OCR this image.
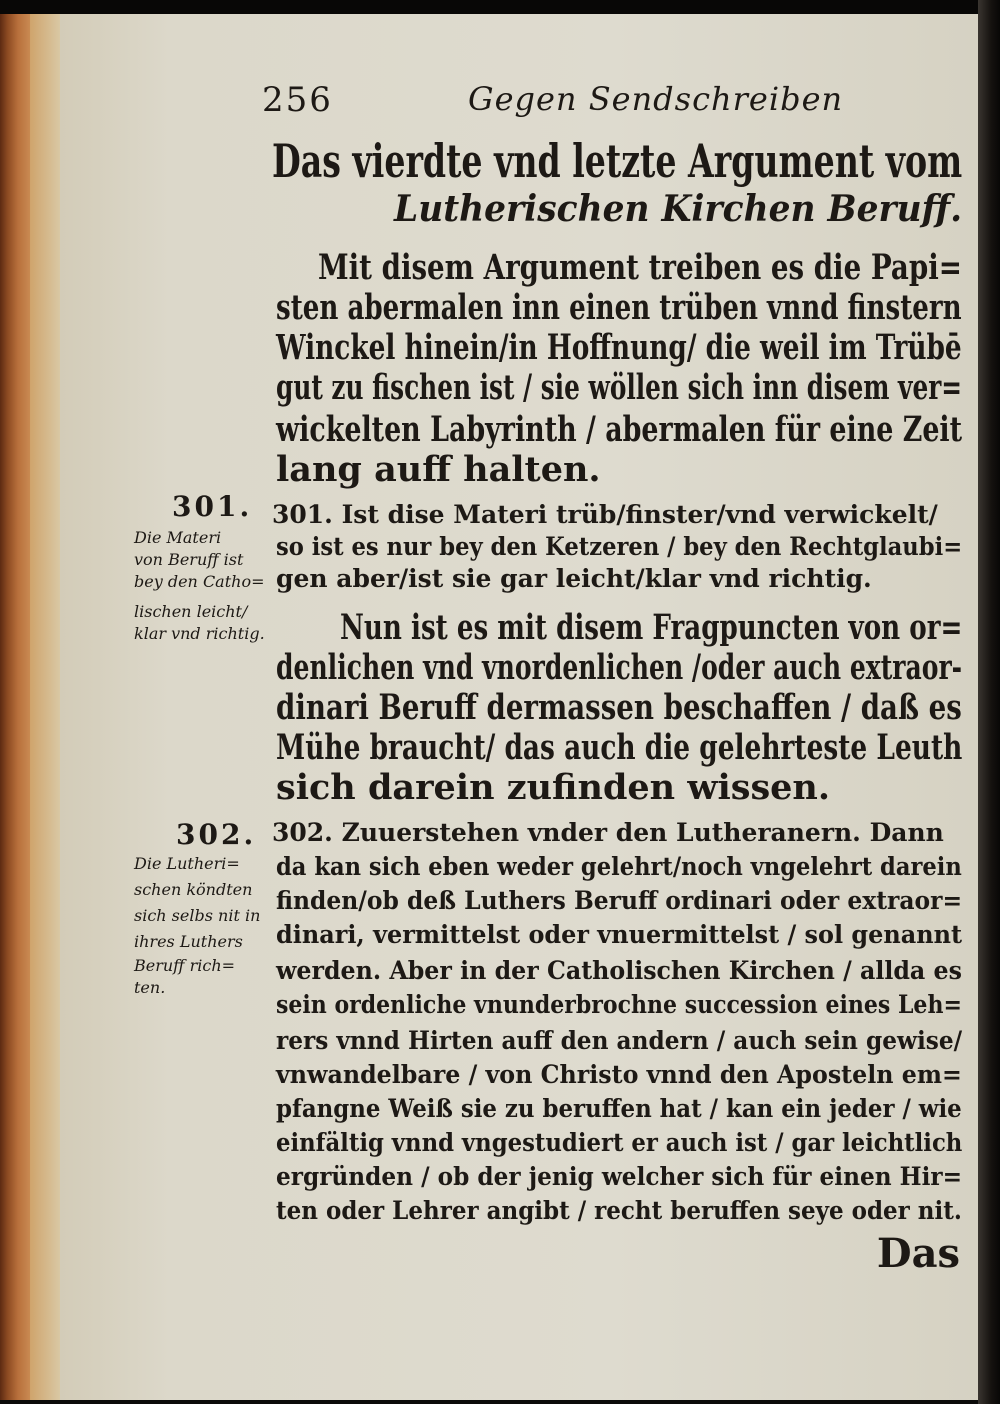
256	Gegen Sendschreiben
Das vierdte vnd letzte Argument vom
Lutherischen Kirchen Beruff.
Mit disem Argument treiben es die Papi=
sten abermalen inn einen trüben vnnd finstern
Winckel hinein/in Hoffnung/ die weil im Trübē
gut zu fischen ist / sie wöllen sich inn disem ver=
wickelten Labyrinth / abermalen für eine Zeit
lang auff halten.
301.
Die Materi
von Beruff ist
bey den Catho=
lischen leicht/
klar vnd richtig.
301. Ist dise Materi trüb/finster/vnd verwickelt/
so ist es nur bey den Ketzeren / bey den Rechtglaubi=
gen aber/ist sie gar leicht/klar vnd richtig.
Nun ist es mit disem Fragpuncten von or=
denlichen vnd vnordenlichen /oder auch extraor-
dinari Beruff dermassen beschaffen / daß es
Mühe braucht/ das auch die gelehrteste Leuth
sich darein zufinden wissen.
302.
Die Lutheri=
schen köndten
sich selbs nit in
ihres Luthers
Beruff rich=
ten.
302. Zuuerstehen vnder den Lutheranern. Dann
da kan sich eben weder gelehrt/noch vngelehrt darein
finden/ob deß Luthers Beruff ordinari oder extraor=
dinari, vermittelst oder vnuermittelst / sol genannt
werden. Aber in der Catholischen Kirchen / allda es
sein ordenliche vnunderbrochne succession eines Leh=
rers vnnd Hirten auff den andern / auch sein gewise/
vnwandelbare / von Christo vnnd den Aposteln em=
pfangne Weiß sie zu beruffen hat / kan ein jeder / wie
einfältig vnnd vngestudiert er auch ist / gar leichtlich
ergründen / ob der jenig welcher sich für einen Hir=
ten oder Lehrer angibt / recht beruffen seye oder nit.
Das
